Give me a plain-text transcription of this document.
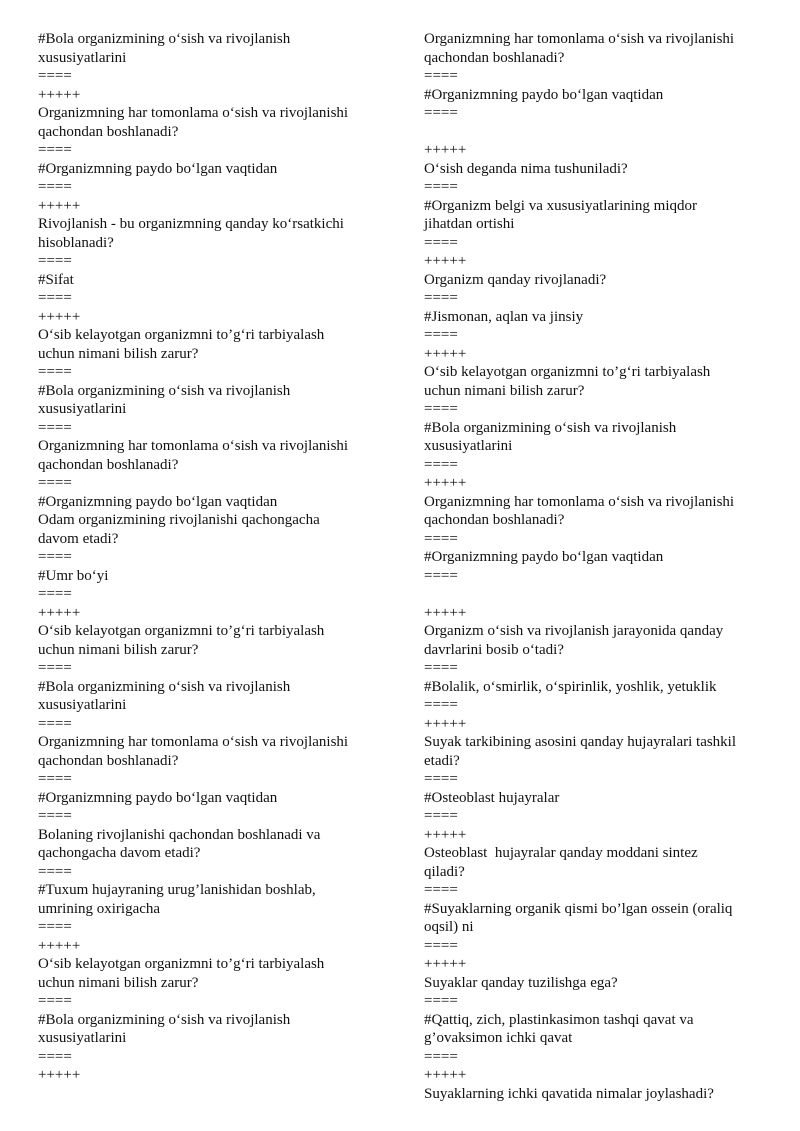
#Bola organizmining o‘sish va rivojlanish
xususiyatlarini
====
+++++
Organizmning har tomonlama o‘sish va rivojlanishi
qachondan boshlanadi?
====
#Organizmning paydo bo‘lgan vaqtidan
====
+++++
Rivojlanish - bu organizmning qanday ko‘rsatkichi
hisoblanadi?
====
#Sifat
====
+++++
O‘sib kelayotgan organizmni to’g‘ri tarbiyalash
uchun nimani bilish zarur?
====
#Bola organizmining o‘sish va rivojlanish
xususiyatlarini
====
Organizmning har tomonlama o‘sish va rivojlanishi
qachondan boshlanadi?
====
#Organizmning paydo bo‘lgan vaqtidan
Odam organizmining rivojlanishi qachongacha
davom etadi?
====
#Umr bo‘yi
====
+++++
O‘sib kelayotgan organizmni to’g‘ri tarbiyalash
uchun nimani bilish zarur?
====
#Bola organizmining o‘sish va rivojlanish
xususiyatlarini
====
Organizmning har tomonlama o‘sish va rivojlanishi
qachondan boshlanadi?
====
#Organizmning paydo bo‘lgan vaqtidan
====
Bolaning rivojlanishi qachondan boshlanadi va
qachongacha davom etadi?
====
#Tuxum hujayraning urug’lanishidan boshlab,
umrining oxirigacha
====
+++++
O‘sib kelayotgan organizmni to’g‘ri tarbiyalash
uchun nimani bilish zarur?
====
#Bola organizmining o‘sish va rivojlanish
xususiyatlarini
====
+++++
Organizmning har tomonlama o‘sish va rivojlanishi
qachondan boshlanadi?
====
#Organizmning paydo bo‘lgan vaqtidan
====
+++++
O‘sish deganda nima tushuniladi?
====
#Organizm belgi va xususiyatlarining miqdor
jihatdan ortishi
====
+++++
Organizm qanday rivojlanadi?
====
#Jismonan, aqlan va jinsiy
====
+++++
O‘sib kelayotgan organizmni to’g‘ri tarbiyalash
uchun nimani bilish zarur?
====
#Bola organizmining o‘sish va rivojlanish
xususiyatlarini
====
+++++
Organizmning har tomonlama o‘sish va rivojlanishi
qachondan boshlanadi?
====
#Organizmning paydo bo‘lgan vaqtidan
====
+++++
Organizm o‘sish va rivojlanish jarayonida qanday
davrlarini bosib o‘tadi?
====
#Bolalik, o‘smirlik, o‘spirinlik, yoshlik, yetuklik
====
+++++
Suyak tarkibining asosini qanday hujayralari tashkil
etadi?
====
#Osteoblast hujayralar
====
+++++
Osteoblast  hujayralar qanday moddani sintez
qiladi?
====
#Suyaklarning organik qismi bo’lgan ossein (oraliq
oqsil) ni
====
+++++
Suyaklar qanday tuzilishga ega?
====
#Qattiq, zich, plastinkasimon tashqi qavat va
g’ovaksimon ichki qavat
====
+++++
Suyaklarning ichki qavatida nimalar joylashadi?
